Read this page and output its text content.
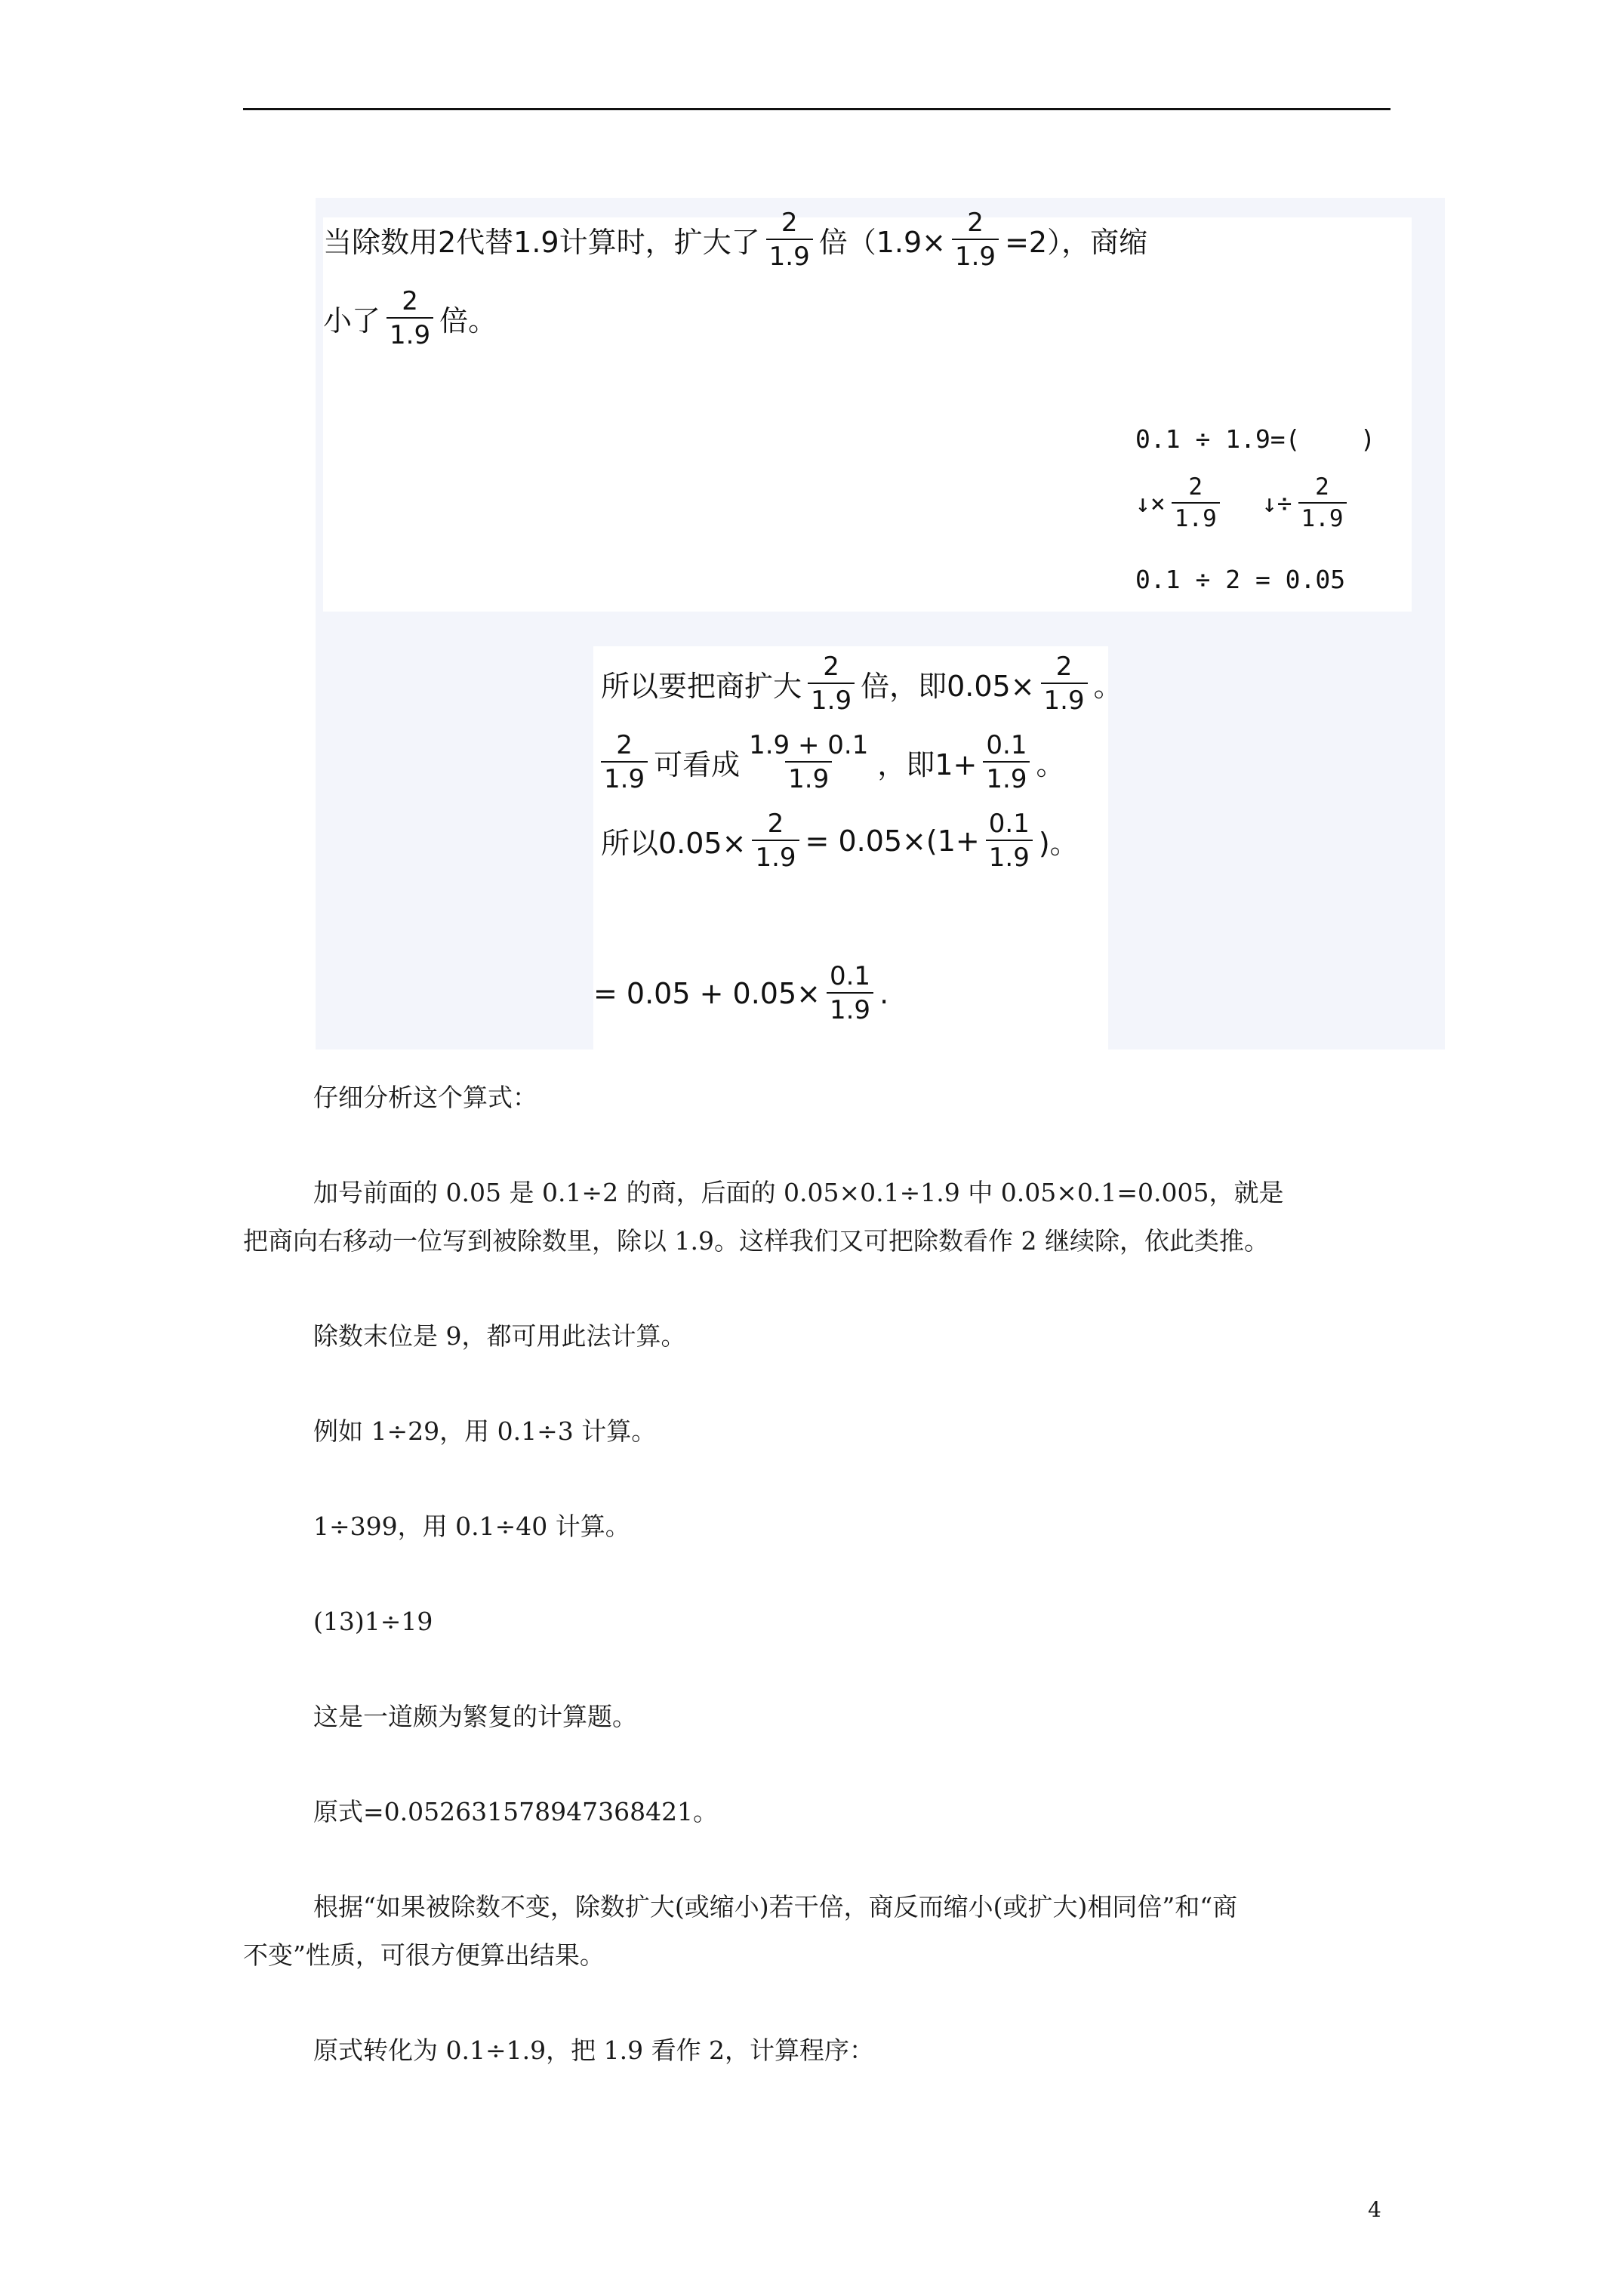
当除数用2代替1.9计算时，扩大了 $\frac{2}{1.9}$ 倍$(1.9\times \frac{2}{1.9} =2)$，商缩
小了 $\frac{2}{1.9}$ 倍。
0.1 ÷ 1.9=(    )
↓× $\frac{2}{1.9}$ ↓÷ $\frac{2}{1.9}$
0.1 ÷ 2 = 0.05
所以要把商扩大 $\frac{2}{1.9}$ 倍，即$0.05\times \frac{2}{1.9}$ 。
$\frac{2}{1.9}$ 可看成 $\frac{1.9 + 0.1}{1.9}$ ，即$1+ \frac{0.1}{1.9}$ 。
所以$0.05\times \frac{2}{1.9} = 0.05\times(1+ \frac{0.1}{1.9}$ )。
= $0.05 + 0.05\times \frac{0.1}{1.9}$ .
仔细分析这个算式：
加号前面的 0.05 是 0.1÷2 的商，后面的 0.05×0.1÷1.9 中 0.05×0.1=0.005，就是
把商向右移动一位写到被除数里，除以 1.9。这样我们又可把除数看作 2 继续除，依此类推。
除数末位是 9，都可用此法计算。
例如 1÷29，用 0.1÷3 计算。
1÷399，用 0.1÷40 计算。
(13)1÷19
这是一道颇为繁复的计算题。
原式=0.052631578947368421。
根据“如果被除数不变，除数扩大(或缩小)若干倍，商反而缩小(或扩大)相同倍”和“商
不变”性质，可很方便算出结果。
原式转化为 0.1÷1.9，把 1.9 看作 2，计算程序：
4
